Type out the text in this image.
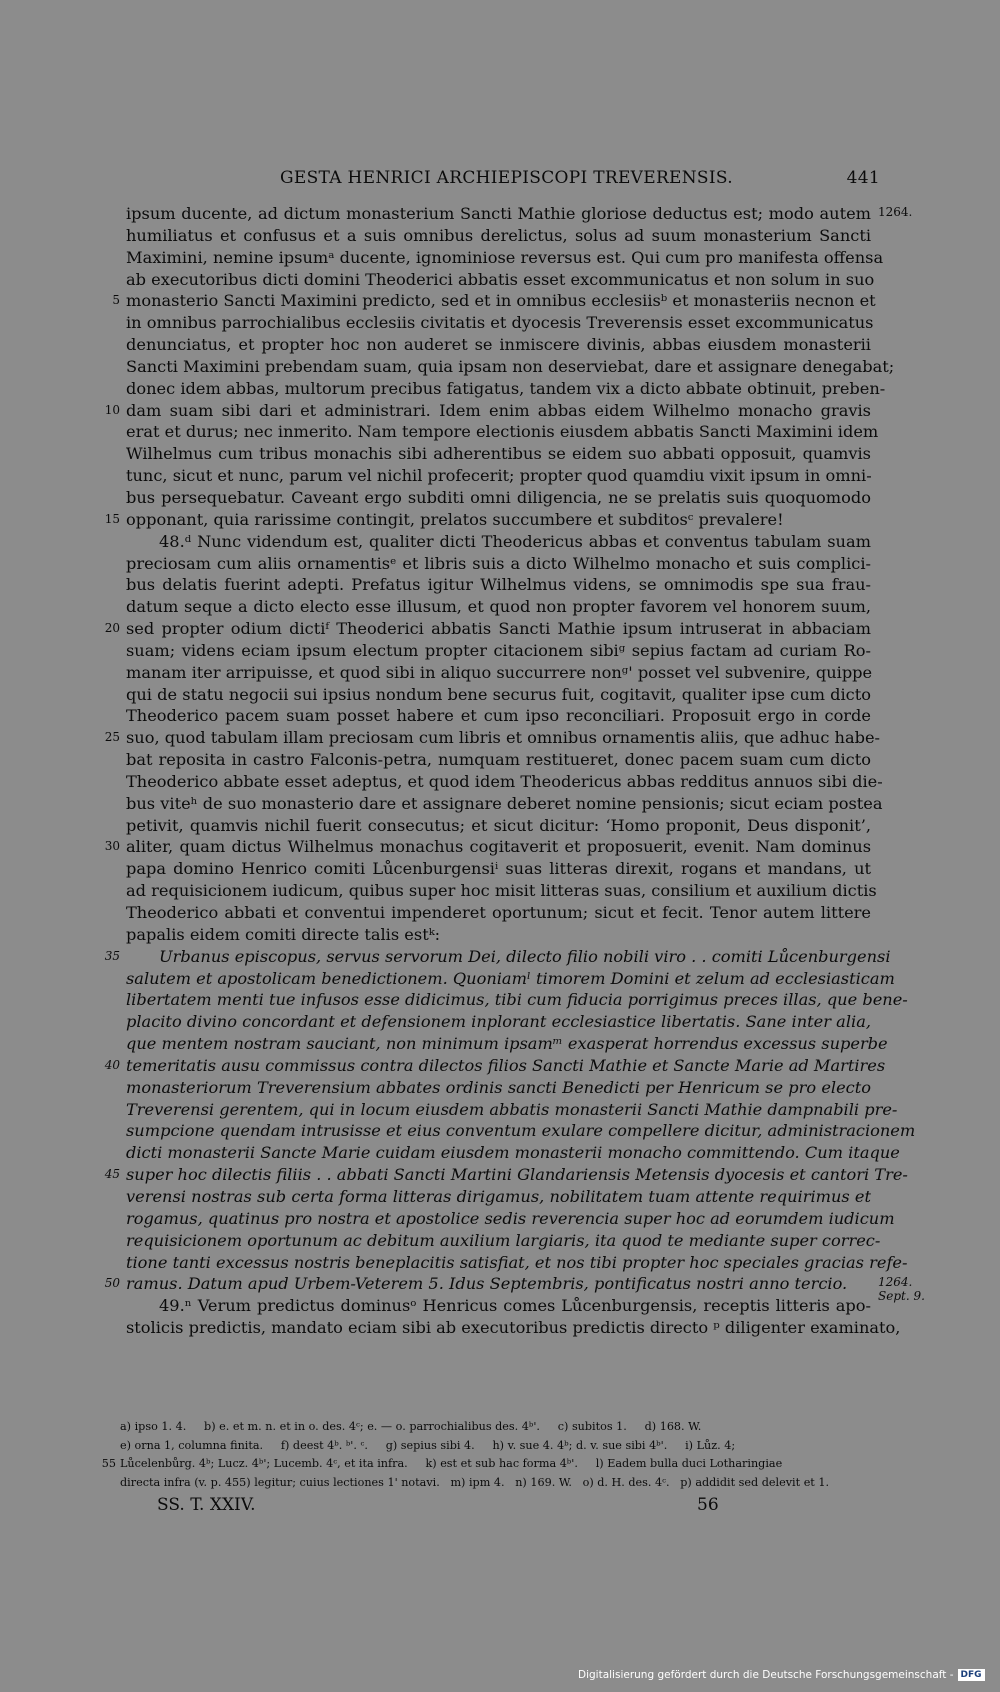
GESTA HENRICI ARCHIEPISCOPI TREVERENSIS.	441
ipsum ducente, ad dictum monasterium Sancti Mathie gloriose deductus est; modo autem 1264.
humiliatus et confusus et a suis omnibus derelictus, solus ad suum monasterium Sancti
Maximini, nemine ipsumᵃ ducente, ignominiose reversus est. Qui cum pro manifesta offensa
ab executoribus dicti domini Theoderici abbatis esset excommunicatus et non solum in suo
monasterio Sancti Maximini predicto, sed et in omnibus ecclesiisᵇ et monasteriis necnon et
5
in omnibus parrochialibus ecclesiis civitatis et dyocesis Treverensis esset excommunicatus
denunciatus, et propter hoc non auderet se inmiscere divinis, abbas eiusdem monasterii
Sancti Maximini prebendam suam, quia ipsam non deserviebat, dare et assignare denegabat;
donec idem abbas, multorum precibus fatigatus, tandem vix a dicto abbate obtinuit, preben-
dam suam sibi dari et administrari. Idem enim abbas eidem Wilhelmo monacho gravis
10
erat et durus; nec inmerito. Nam tempore electionis eiusdem abbatis Sancti Maximini idem
Wilhelmus cum tribus monachis sibi adherentibus se eidem suo abbati opposuit, quamvis
tunc, sicut et nunc, parum vel nichil profecerit; propter quod quamdiu vixit ipsum in omni-
bus persequebatur. Caveant ergo subditi omni diligencia, ne se prelatis suis quoquomodo
opponant, quia rarissime contingit, prelatos succumbere et subditosᶜ prevalere!
15
48.ᵈ Nunc videndum est, qualiter dicti Theodericus abbas et conventus tabulam suam
preciosam cum aliis ornamentisᵉ et libris suis a dicto Wilhelmo monacho et suis complici-
bus delatis fuerint adepti. Prefatus igitur Wilhelmus videns, se omnimodis spe sua frau-
datum seque a dicto electo esse illusum, et quod non propter favorem vel honorem suum,
sed propter odium dictiᶠ Theoderici abbatis Sancti Mathie ipsum intruserat in abbaciam
20
suam; videns eciam ipsum electum propter citacionem sibiᵍ sepius factam ad curiam Ro-
manam iter arripuisse, et quod sibi in aliquo succurrere nonᵍ' posset vel subvenire, quippe
qui de statu negocii sui ipsius nondum bene securus fuit, cogitavit, qualiter ipse cum dicto
Theoderico pacem suam posset habere et cum ipso reconciliari. Proposuit ergo in corde
suo, quod tabulam illam preciosam cum libris et omnibus ornamentis aliis, que adhuc habe-
25
bat reposita in castro Falconis-petra, numquam restitueret, donec pacem suam cum dicto
Theoderico abbate esset adeptus, et quod idem Theodericus abbas redditus annuos sibi die-
bus viteʰ de suo monasterio dare et assignare deberet nomine pensionis; sicut eciam postea
petivit, quamvis nichil fuerit consecutus; et sicut dicitur: ‘Homo proponit, Deus disponit’,
aliter, quam dictus Wilhelmus monachus cogitaverit et proposuerit, evenit. Nam dominus
30
papa domino Henrico comiti Lůcenburgensiⁱ suas litteras direxit, rogans et mandans, ut
ad requisicionem iudicum, quibus super hoc misit litteras suas, consilium et auxilium dictis
Theoderico abbati et conventui impenderet oportunum; sicut et fecit. Tenor autem littere
papalis eidem comiti directe talis estᵏ:
Urbanus episcopus, servus servorum Dei, dilecto filio nobili viro . . comiti Lůcenburgensi
35
salutem et apostolicam benedictionem. Quoniamˡ timorem Domini et zelum ad ecclesiasticam
libertatem menti tue infusos esse didicimus, tibi cum fiducia porrigimus preces illas, que bene-
placito divino concordant et defensionem inplorant ecclesiastice libertatis. Sane inter alia,
que mentem nostram sauciant, non minimum ipsamᵐ exasperat horrendus excessus superbe
temeritatis ausu commissus contra dilectos filios Sancti Mathie et Sancte Marie ad Martires
40
monasteriorum Treverensium abbates ordinis sancti Benedicti per Henricum se pro electo
Treverensi gerentem, qui in locum eiusdem abbatis monasterii Sancti Mathie dampnabili pre-
sumpcione quendam intrusisse et eius conventum exulare compellere dicitur, administracionem
dicti monasterii Sancte Marie cuidam eiusdem monasterii monacho committendo. Cum itaque
super hoc dilectis filiis . . abbati Sancti Martini Glandariensis Metensis dyocesis et cantori Tre-
45
verensi nostras sub certa forma litteras dirigamus, nobilitatem tuam attente requirimus et
rogamus, quatinus pro nostra et apostolice sedis reverencia super hoc ad eorumdem iudicum
requisicionem oportunum ac debitum auxilium largiaris, ita quod te mediante super correc-
tione tanti excessus nostris beneplacitis satisfiat, et nos tibi propter hoc speciales gracias refe-
ramus. Datum apud Urbem-Veterem 5. Idus Septembris, pontificatus nostri anno tercio.
50	1264.
Sept. 9.
49.ⁿ Verum predictus dominusᵒ Henricus comes Lůcenburgensis, receptis litteris apo-
stolicis predictis, mandato eciam sibi ab executoribus predictis directo ᵖ diligenter examinato,
a) ipso 1. 4.     b) e. et m. n. et in o. des. 4ᶜ; e. — o. parrochialibus des. 4ᵇ'.     c) subitos 1.     d) 168. W.
e) orna 1, columna finita.     f) deest 4ᵇ. ᵇ'. ᶜ.     g) sepius sibi 4.     h) v. sue 4. 4ᵇ; d. v. sue sibi 4ᵇ'.     i) Lůz. 4;
Lůcelenbůrg. 4ᵇ; Lucz. 4ᵇ'; Lucemb. 4ᶜ, et ita infra.     k) est et sub hac forma 4ᵇ'.     l) Eadem bulla duci Lotharingiae
55
directa infra (v. p. 455) legitur; cuius lectiones 1' notavi.   m) ipm 4.   n) 169. W.   o) d. H. des. 4ᶜ.   p) addidit sed delevit et 1.
SS. T. XXIV.	56
Digitalisierung gefördert durch die Deutsche Forschungsgemeinschaft - DFG
